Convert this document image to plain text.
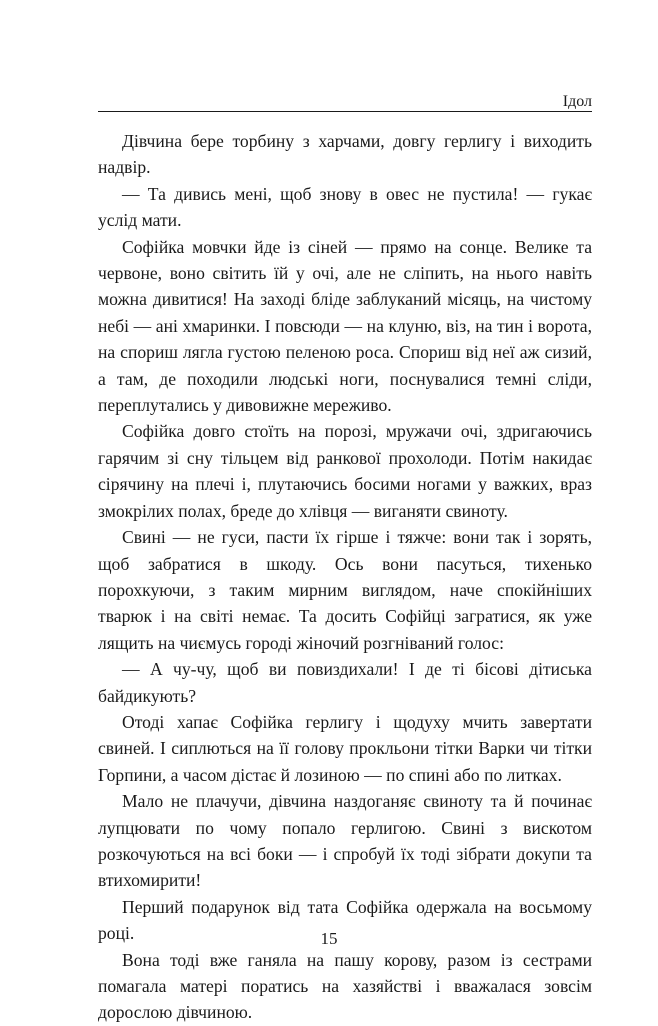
Ідол

Дівчина бере торбину з харчами, довгу герлигу і виходить надвір.

— Та дивись мені, щоб знову в овес не пустила! — гукає услід мати.

Софійка мовчки йде із сіней — прямо на сонце. Велике та червоне, воно світить їй у очі, але не сліпить, на нього навіть можна дивитися! На заході бліде заблуканий місяць, на чистому небі — ані хмаринки. І повсюди — на клуню, віз, на тин і ворота, на спориш лягла густою пеленою роса. Спориш від неї аж сизий, а там, де походили людські ноги, поснувалися темні сліди, переплутались у дивовижне мереживо.

Софійка довго стоїть на порозі, мружачи очі, здригаючись гарячим зі сну тільцем від ранкової прохолоди. Потім накидає сірячину на плечі і, плутаючись босими ногами у важких, враз змокрілих полах, бреде до хлівця — виганяти свиноту.

Свині — не гуси, пасти їх гірше і тяжче: вони так і зорять, щоб забратися в шкоду. Ось вони пасуться, тихенько порохкуючи, з таким мирним виглядом, наче спокійніших тварюк і на світі немає. Та досить Софійці загратися, як уже лящить на чиємусь городі жіночий розгніваний голос:

— А чу-чу, щоб ви повиздихали! І де ті бісові дітиська байдикують?

Отоді хапає Софійка герлигу і щодуху мчить завертати свиней. І сиплються на її голову прокльони тітки Варки чи тітки Горпини, а часом дістає й лозиною — по спині або по литках.

Мало не плачучи, дівчина наздоганяє свиноту та й починає лупцювати по чому попало герлигою. Свині з вискотом розкочуються на всі боки — і спробуй їх тоді зібрати докупи та втихомирити!

Перший подарунок від тата Софійка одержала на восьмому році.

Вона тоді вже ганяла на пашу корову, разом із сестрами помагала матері поратись на хазяйстві і вважалася зовсім дорослою дівчиною.

15
